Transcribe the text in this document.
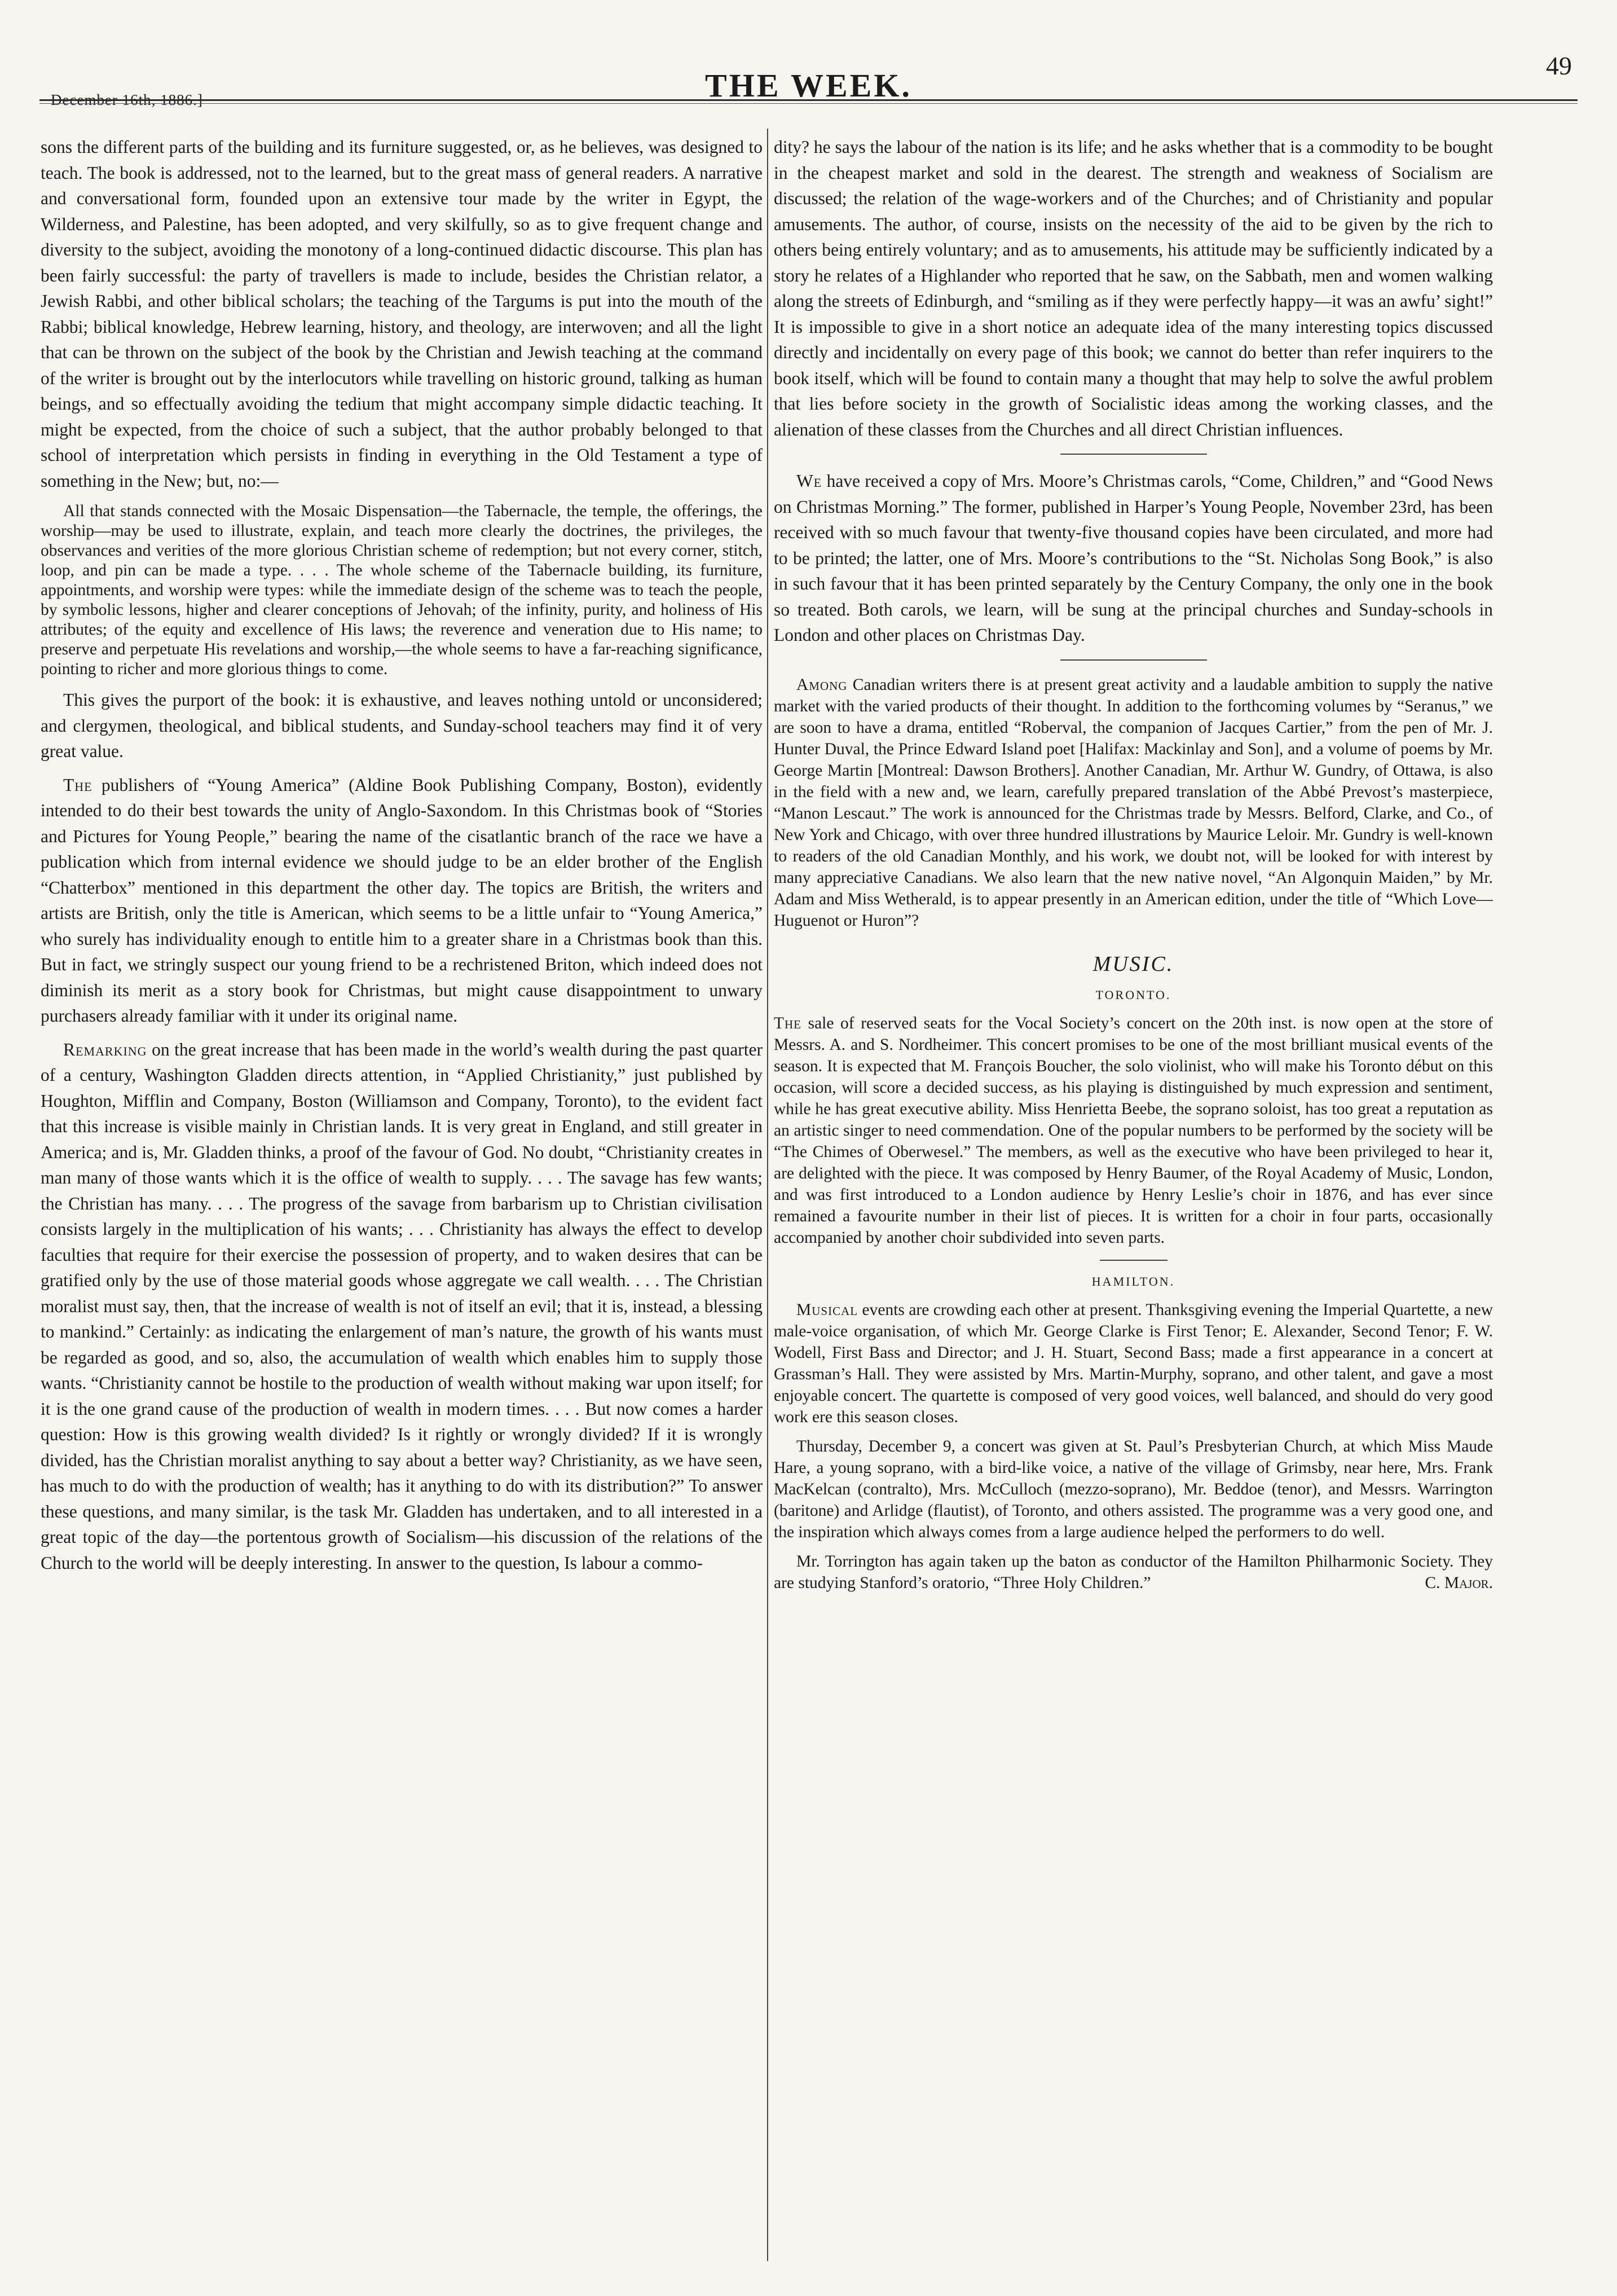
December 16th, 1886.]	THE WEEK.
49

sons the different parts of the building and its furniture suggested, or, as he believes, was designed to teach. The book is addressed, not to the learned, but to the great mass of general readers. A narrative and conversational form, founded upon an extensive tour made by the writer in Egypt, the Wilderness, and Palestine, has been adopted, and very skilfully, so as to give frequent change and diversity to the subject, avoiding the monotony of a long-continued didactic discourse. This plan has been fairly successful: the party of travellers is made to include, besides the Christian relator, a Jewish Rabbi, and other biblical scholars; the teaching of the Targums is put into the mouth of the Rabbi; biblical knowledge, Hebrew learning, history, and theology, are interwoven; and all the light that can be thrown on the subject of the book by the Christian and Jewish teaching at the command of the writer is brought out by the interlocutors while travelling on historic ground, talking as human beings, and so effectually avoiding the tedium that might accompany simple didactic teaching. It might be expected, from the choice of such a subject, that the author probably belonged to that school of interpretation which persists in finding in everything in the Old Testament a type of something in the New; but, no:—

All that stands connected with the Mosaic Dispensation—the Tabernacle, the temple, the offerings, the worship—may be used to illustrate, explain, and teach more clearly the doctrines, the privileges, the observances and verities of the more glorious Christian scheme of redemption; but not every corner, stitch, loop, and pin can be made a type. . . . The whole scheme of the Tabernacle building, its furniture, appointments, and worship were types: while the immediate design of the scheme was to teach the people, by symbolic lessons, higher and clearer conceptions of Jehovah; of the infinity, purity, and holiness of His attributes; of the equity and excellence of His laws; the reverence and veneration due to His name; to preserve and perpetuate His revelations and worship,—the whole seems to have a far-reaching significance, pointing to richer and more glorious things to come.

This gives the purport of the book: it is exhaustive, and leaves nothing untold or unconsidered; and clergymen, theological, and biblical students, and Sunday-school teachers may find it of very great value.

The publishers of “Young America” (Aldine Book Publishing Company, Boston), evidently intended to do their best towards the unity of Anglo-Saxondom. In this Christmas book of “Stories and Pictures for Young People,” bearing the name of the cisatlantic branch of the race we have a publication which from internal evidence we should judge to be an elder brother of the English “Chatterbox” mentioned in this department the other day. The topics are British, the writers and artists are British, only the title is American, which seems to be a little unfair to “Young America,” who surely has individuality enough to entitle him to a greater share in a Christmas book than this. But in fact, we stringly suspect our young friend to be a rechristened Briton, which indeed does not diminish its merit as a story book for Christmas, but might cause disappointment to unwary purchasers already familiar with it under its original name.

Remarking on the great increase that has been made in the world’s wealth during the past quarter of a century, Washington Gladden directs attention, in “Applied Christianity,” just published by Houghton, Mifflin and Company, Boston (Williamson and Company, Toronto), to the evident fact that this increase is visible mainly in Christian lands. It is very great in England, and still greater in America; and is, Mr. Gladden thinks, a proof of the favour of God. No doubt, “Christianity creates in man many of those wants which it is the office of wealth to supply. . . . The savage has few wants; the Christian has many. . . . The progress of the savage from barbarism up to Christian civilisation consists largely in the multiplication of his wants; . . . Christianity has always the effect to develop faculties that require for their exercise the possession of property, and to waken desires that can be gratified only by the use of those material goods whose aggregate we call wealth. . . . The Christian moralist must say, then, that the increase of wealth is not of itself an evil; that it is, instead, a blessing to mankind.” Certainly: as indicating the enlargement of man’s nature, the growth of his wants must be regarded as good, and so, also, the accumulation of wealth which enables him to supply those wants. “Christianity cannot be hostile to the production of wealth without making war upon itself; for it is the one grand cause of the production of wealth in modern times. . . . But now comes a harder question: How is this growing wealth divided? Is it rightly or wrongly divided? If it is wrongly divided, has the Christian moralist anything to say about a better way? Christianity, as we have seen, has much to do with the production of wealth; has it anything to do with its distribution?” To answer these questions, and many similar, is the task Mr. Gladden has undertaken, and to all interested in a great topic of the day—the portentous growth of Socialism—his discussion of the relations of the Church to the world will be deeply interesting. In answer to the question, Is labour a commo-

dity? he says the labour of the nation is its life; and he asks whether that is a commodity to be bought in the cheapest market and sold in the dearest. The strength and weakness of Socialism are discussed; the relation of the wage-workers and of the Churches; and of Christianity and popular amusements. The author, of course, insists on the necessity of the aid to be given by the rich to others being entirely voluntary; and as to amusements, his attitude may be sufficiently indicated by a story he relates of a Highlander who reported that he saw, on the Sabbath, men and women walking along the streets of Edinburgh, and “smiling as if they were perfectly happy—it was an awfu’ sight!” It is impossible to give in a short notice an adequate idea of the many interesting topics discussed directly and incidentally on every page of this book; we cannot do better than refer inquirers to the book itself, which will be found to contain many a thought that may help to solve the awful problem that lies before society in the growth of Socialistic ideas among the working classes, and the alienation of these classes from the Churches and all direct Christian influences.

We have received a copy of Mrs. Moore’s Christmas carols, “Come, Children,” and “Good News on Christmas Morning.” The former, published in Harper’s Young People, November 23rd, has been received with so much favour that twenty-five thousand copies have been circulated, and more had to be printed; the latter, one of Mrs. Moore’s contributions to the “St. Nicholas Song Book,” is also in such favour that it has been printed separately by the Century Company, the only one in the book so treated. Both carols, we learn, will be sung at the principal churches and Sunday-schools in London and other places on Christmas Day.

Among Canadian writers there is at present great activity and a laudable ambition to supply the native market with the varied products of their thought. In addition to the forthcoming volumes by “Seranus,” we are soon to have a drama, entitled “Roberval, the companion of Jacques Cartier,” from the pen of Mr. J. Hunter Duval, the Prince Edward Island poet [Halifax: Mackinlay and Son], and a volume of poems by Mr. George Martin [Montreal: Dawson Brothers]. Another Canadian, Mr. Arthur W. Gundry, of Ottawa, is also in the field with a new and, we learn, carefully prepared translation of the Abbé Prevost’s masterpiece, “Manon Lescaut.” The work is announced for the Christmas trade by Messrs. Belford, Clarke, and Co., of New York and Chicago, with over three hundred illustrations by Maurice Leloir. Mr. Gundry is well-known to readers of the old Canadian Monthly, and his work, we doubt not, will be looked for with interest by many appreciative Canadians. We also learn that the new native novel, “An Algonquin Maiden,” by Mr. Adam and Miss Wetherald, is to appear presently in an American edition, under the title of “Which Love—Huguenot or Huron”?

MUSIC.
TORONTO.

The sale of reserved seats for the Vocal Society’s concert on the 20th inst. is now open at the store of Messrs. A. and S. Nordheimer. This concert promises to be one of the most brilliant musical events of the season. It is expected that M. François Boucher, the solo violinist, who will make his Toronto début on this occasion, will score a decided success, as his playing is distinguished by much expression and sentiment, while he has great executive ability. Miss Henrietta Beebe, the soprano soloist, has too great a reputation as an artistic singer to need commendation. One of the popular numbers to be performed by the society will be “The Chimes of Oberwesel.” The members, as well as the executive who have been privileged to hear it, are delighted with the piece. It was composed by Henry Baumer, of the Royal Academy of Music, London, and was first introduced to a London audience by Henry Leslie’s choir in 1876, and has ever since remained a favourite number in their list of pieces. It is written for a choir in four parts, occasionally accompanied by another choir subdivided into seven parts.

HAMILTON.

Musical events are crowding each other at present. Thanksgiving evening the Imperial Quartette, a new male-voice organisation, of which Mr. George Clarke is First Tenor; E. Alexander, Second Tenor; F. W. Wodell, First Bass and Director; and J. H. Stuart, Second Bass; made a first appearance in a concert at Grassman’s Hall. They were assisted by Mrs. Martin-Murphy, soprano, and other talent, and gave a most enjoyable concert. The quartette is composed of very good voices, well balanced, and should do very good work ere this season closes.

Thursday, December 9, a concert was given at St. Paul’s Presbyterian Church, at which Miss Maude Hare, a young soprano, with a bird-like voice, a native of the village of Grimsby, near here, Mrs. Frank MacKelcan (contralto), Mrs. McCulloch (mezzo-soprano), Mr. Beddoe (tenor), and Messrs. Warrington (baritone) and Arlidge (flautist), of Toronto, and others assisted. The programme was a very good one, and the inspiration which always comes from a large audience helped the performers to do well.

Mr. Torrington has again taken up the baton as conductor of the Hamilton Philharmonic Society. They are studying Stanford’s oratorio, “Three Holy Children.”	C. Major.
